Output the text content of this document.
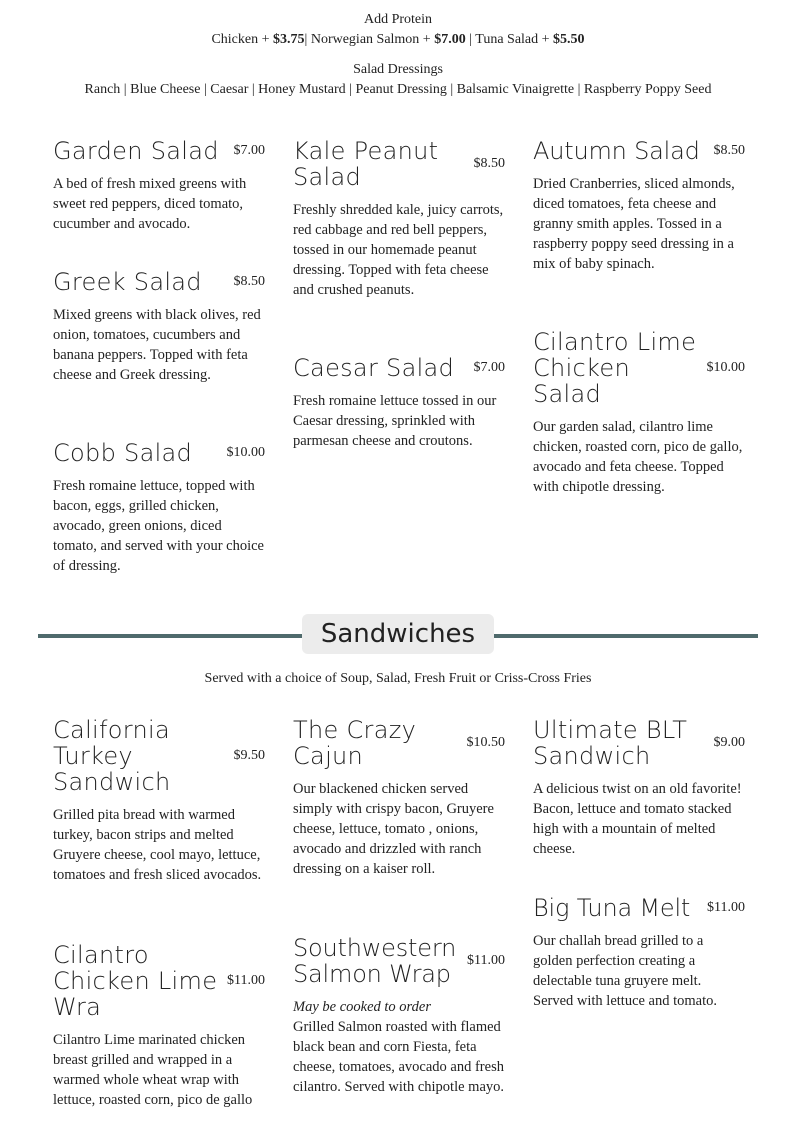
Add Protein
Chicken + $3.75| Norwegian Salmon + $7.00 | Tuna Salad + $5.50
Salad Dressings
Ranch | Blue Cheese | Caesar | Honey Mustard | Peanut Dressing | Balsamic Vinaigrette | Raspberry Poppy Seed
Garden Salad $7.00
A bed of fresh mixed greens with sweet red peppers, diced tomato, cucumber and avocado.
Greek Salad $8.50
Mixed greens with black olives, red onion, tomatoes, cucumbers and banana peppers. Topped with feta cheese and Greek dressing.
Cobb Salad $10.00
Fresh romaine lettuce, topped with bacon, eggs, grilled chicken, avocado, green onions, diced tomato, and served with your choice of dressing.
Kale Peanut Salad	$8.50
Freshly shredded kale, juicy carrots, red cabbage and red bell peppers, tossed in our homemade peanut dressing. Topped with feta cheese and crushed peanuts.
Caesar Salad $7.00
Fresh romaine lettuce tossed in our Caesar dressing, sprinkled with parmesan cheese and croutons.
Autumn Salad $8.50
Dried Cranberries, sliced almonds, diced tomatoes, feta cheese and granny smith apples. Tossed in a raspberry poppy seed dressing in a mix of baby spinach.
Cilantro Lime Chicken Salad
$10.00
Our garden salad, cilantro lime chicken, roasted corn, pico de gallo, avocado and feta cheese. Topped with chipotle dressing.
Sandwiches
Served with a choice of Soup, Salad, Fresh Fruit or Criss-Cross Fries
California Turkey Sandwich
$9.50
Grilled pita bread with warmed turkey, bacon strips and melted Gruyere cheese, cool mayo, lettuce, tomatoes and fresh sliced avocados.
Cilantro Chicken Lime Wra
$11.00
Cilantro Lime marinated chicken breast grilled and wrapped in a warmed whole wheat wrap with lettuce, roasted corn, pico de gallo
The Crazy Cajun	$10.50
Our blackened chicken served simply with crispy bacon, Gruyere cheese, lettuce, tomato , onions, avocado and drizzled with ranch dressing on a kaiser roll.
Southwestern Salmon Wrap	$11.00
May be cooked to order
Grilled Salmon roasted with flamed black bean and corn Fiesta, feta cheese, tomatoes, avocado and fresh cilantro. Served with chipotle mayo.
Ultimate BLT Sandwich	$9.00
A delicious twist on an old favorite! Bacon, lettuce and tomato stacked high with a mountain of melted cheese.
Big Tuna Melt $11.00
Our challah bread grilled to a golden perfection creating a delectable tuna gruyere melt. Served with lettuce and tomato.
